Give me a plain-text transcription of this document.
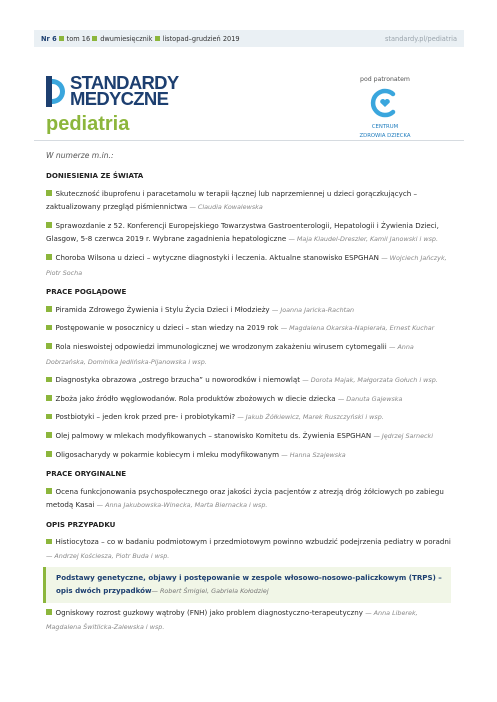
Nr 6 tom 16 dwumiesięcznik listopad–grudzień 2019	standardy.pl/pediatria
STANDARDY
MEDYCZNE
pediatria
pod patronatem
CENTRUM
ZDROWIA DZIECKA
W numerze m.in.:
DONIESIENIA ZE ŚWIATA
Skuteczność ibuprofenu i paracetamolu w terapii łącznej lub naprzemiennej u dzieci gorączkujących – zaktualizowany przegląd piśmiennictwa — Claudia Kowalewska
Sprawozdanie z 52. Konferencji Europejskiego Towarzystwa Gastroenterologii, Hepatologii i Żywienia Dzieci, Glasgow, 5-8 czerwca 2019 r. Wybrane zagadnienia hepatologiczne — Maja Klaudel-Dreszler, Kamil Janowski i wsp.
Choroba Wilsona u dzieci – wytyczne diagnostyki i leczenia. Aktualne stanowisko ESPGHAN — Wojciech Jańczyk, Piotr Socha
PRACE POGLĄDOWE
Piramida Zdrowego Żywienia i Stylu Życia Dzieci i Młodzieży — Joanna Jaricka-Rachtan
Postępowanie w posocznicy u dzieci – stan wiedzy na 2019 rok — Magdalena Okarska-Napierała, Ernest Kuchar
Rola nieswoistej odpowiedzi immunologicznej we wrodzonym zakażeniu wirusem cytomegalii — Anna Dobrzańska, Dominika Jedlińska-Pijanowska i wsp.
Diagnostyka obrazowa „ostrego brzucha” u noworodków i niemowląt — Dorota Majak, Małgorzata Gołuch i wsp.
Zboża jako źródło węglowodanów. Rola produktów zbożowych w diecie dziecka — Danuta Gajewska
Postbiotyki – jeden krok przed pre- i probiotykami? — Jakub Żółkiewicz, Marek Ruszczyński i wsp.
Olej palmowy w mlekach modyfikowanych – stanowisko Komitetu ds. Żywienia ESPGHAN — Jędrzej Sarnecki
Oligosacharydy w pokarmie kobiecym i mleku modyfikowanym — Hanna Szajewska
PRACE ORYGINALNE
Ocena funkcjonowania psychospołecznego oraz jakości życia pacjentów z atrezją dróg żółciowych po zabiegu metodą Kasai — Anna Jakubowska-Winecka, Marta Biernacka i wsp.
OPIS PRZYPADKU
Histiocytoza – co w badaniu podmiotowym i przedmiotowym powinno wzbudzić podejrzenia pediatry w poradni — Andrzej Kościesza, Piotr Buda i wsp.
Podstawy genetyczne, objawy i postępowanie w zespole włosowo-nosowo-paliczkowym (TRPS) – opis dwóch przypadków— Robert Śmigiel, Gabriela Kołodziej
Ogniskowy rozrost guzkowy wątroby (FNH) jako problem diagnostyczno-terapeutyczny — Anna Liberek, Magdalena Świtlicka-Zalewska i wsp.
